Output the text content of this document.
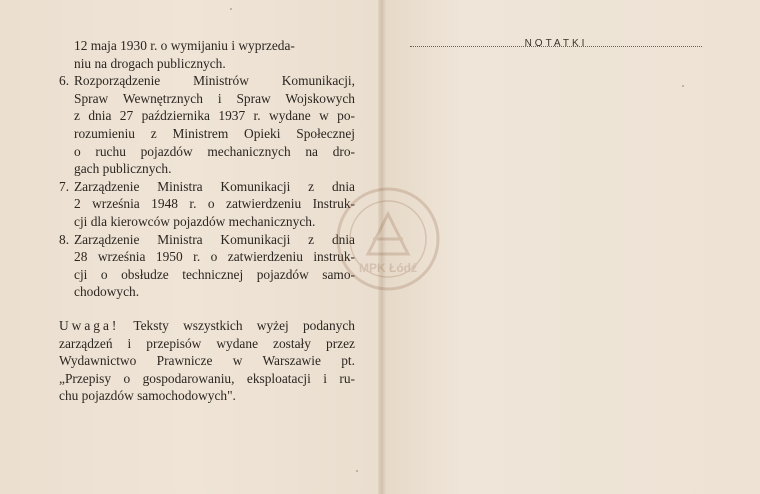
12 maja 1930 r. o wymijaniu i wyprzeda-
niu na drogach publicznych.
6. Rozporządzenie Ministrów Komunikacji,
Spraw Wewnętrznych i Spraw Wojskowych
z dnia 27 października 1937 r. wydane w po-
rozumieniu z Ministrem Opieki Społecznej
o ruchu pojazdów mechanicznych na dro-
gach publicznych.
7. Zarządzenie Ministra Komunikacji z dnia
2 września 1948 r. o zatwierdzeniu Instruk-
cji dla kierowców pojazdów mechanicznych.
8. Zarządzenie Ministra Komunikacji z dnia
28 września 1950 r. o zatwierdzeniu instruk-
cji o obsłudze technicznej pojazdów samo-
chodowych.
Uwaga! Teksty wszystkich wyżej podanych
zarządzeń i przepisów wydane zostały przez
Wydawnictwo Prawnicze w Warszawie pt.
„Przepisy o gospodarowaniu, eksploatacji i ru-
chu pojazdów samochodowych".
NOTATKI
MPK Łódź
